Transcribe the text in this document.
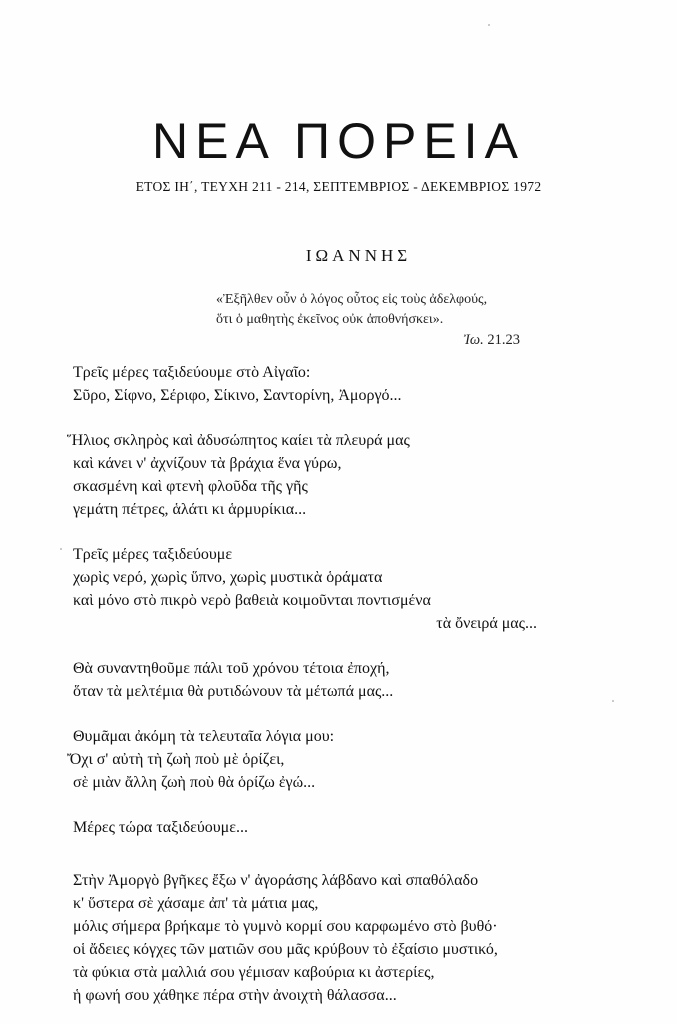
ΝΕΑ ΠΟΡΕΙΑ
ΕΤΟΣ ΙΗ΄, ΤΕΥΧΗ 211 - 214, ΣΕΠΤΕΜΒΡΙΟΣ - ΔΕΚΕΜΒΡΙΟΣ 1972
ΙΩΑΝΝΗΣ
«Ἐξῆλθεν οὖν ὁ λόγος οὗτος εἰς τοὺς ἀδελφούς,
ὅτι ὁ μαθητὴς ἐκεῖνος οὐκ ἀποθνήσκει».
Ἰω. 21.23

Τρεῖς μέρες ταξιδεύουμε στὸ Αἰγαῖο:
Σῦρο, Σίφνο, Σέριφο, Σίκινο, Σαντορίνη, Ἀμοργό...

Ἥλιος σκληρὸς καὶ ἀδυσώπητος καίει τὰ πλευρά μας
καὶ κάνει ν' ἀχνίζουν τὰ βράχια ἕνα γύρω,
σκασμένη καὶ φτενὴ φλοῦδα τῆς γῆς
γεμάτη πέτρες, ἁλάτι κι ἁρμυρίκια...

Τρεῖς μέρες ταξιδεύουμε
χωρὶς νερό, χωρὶς ὕπνο, χωρὶς μυστικὰ ὁράματα
καὶ μόνο στὸ πικρὸ νερὸ βαθειὰ κοιμοῦνται ποντισμένα
τὰ ὄνειρά μας...

Θὰ συναντηθοῦμε πάλι τοῦ χρόνου τέτοια ἐποχή,
ὅταν τὰ μελτέμια θὰ ρυτιδώνουν τὰ μέτωπά μας...

Θυμᾶμαι ἀκόμη τὰ τελευταῖα λόγια μου:
Ὄχι σ' αὐτὴ τὴ ζωὴ ποὺ μὲ ὁρίζει,
σὲ μιὰν ἄλλη ζωὴ ποὺ θὰ ὁρίζω ἐγώ...

Μέρες τώρα ταξιδεύουμε...

Στὴν Ἀμοργὸ βγῆκες ἔξω ν' ἀγοράσης λάβδανο καὶ σπαθόλαδο
κ' ὕστερα σὲ χάσαμε ἀπ' τὰ μάτια μας,
μόλις σήμερα βρήκαμε τὸ γυμνὸ κορμί σου καρφωμένο στὸ βυθό·
οἱ ἄδειες κόγχες τῶν ματιῶν σου μᾶς κρύβουν τὸ ἐξαίσιο μυστικό,
τὰ φύκια στὰ μαλλιά σου γέμισαν καβούρια κι ἀστερίες,
ἡ φωνή σου χάθηκε πέρα στὴν ἀνοιχτὴ θάλασσα...
